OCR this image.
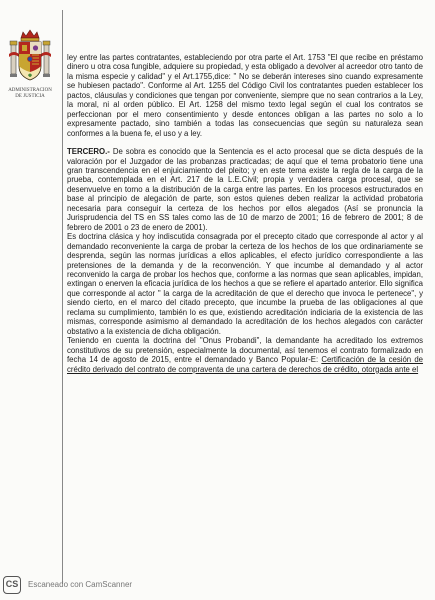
ADMINISTRACION
DE JUSTICIA

ley entre las partes contratantes, estableciendo por otra parte el Art. 1753 "El que recibe en préstamo dinero u otra cosa fungible, adquiere su propiedad, y esta obligado a devolver al acreedor otro tanto de la misma especie y calidad" y el Art.1755,dice: " No se deberán intereses sino cuando expresamente se hubiesen pactado". Conforme al Art. 1255 del Código Civil los contratantes pueden establecer los pactos, cláusulas y condiciones que tengan por conveniente, siempre que no sean contrarios a la Ley, la moral, ni al orden público. El Art. 1258 del mismo texto legal según el cual los contratos se perfeccionan por el mero consentimiento y desde entonces obligan a las partes no solo a lo expresamente pactado, sino también a todas las consecuencias que según su naturaleza sean conformes a la buena fe, el uso y a ley.

TERCERO.- De sobra es conocido que la Sentencia es el acto procesal que se dicta después de la valoración por el Juzgador de las probanzas practicadas; de aquí que el tema probatorio tiene una gran transcendencia en el enjuiciamiento del pleito; y en este tema existe la regla de la carga de la prueba, contemplada en el Art. 217 de la L.E.Civil; propia y verdadera carga procesal, que se desenvuelve en torno a la distribución de la carga entre las partes. En los procesos estructurados en base al principio de alegación de parte, son estos quienes deben realizar la actividad probatoria necesaria para conseguir la certeza de los hechos por ellos alegados (Así se pronuncia la Jurisprudencia del TS en SS tales como las de 10 de marzo de 2001; 16 de febrero de 2001; 8 de febrero de 2001 o 23 de enero de 2001).

Es doctrina clásica y hoy indiscutida consagrada por el precepto citado que corresponde al actor y al demandado reconveniente la carga de probar la certeza de los hechos de los que ordinariamente se desprenda, según las normas jurídicas a ellos aplicables, el efecto jurídico correspondiente a las pretensiones de la demanda y de la reconvención. Y que incumbe al demandado y al actor reconvenido la carga de probar los hechos que, conforme a las normas que sean aplicables, impidan, extingan o enerven la eficacia jurídica de los hechos a que se refiere el apartado anterior. Ello significa que corresponde al actor " la carga de la acreditación de que el derecho que invoca le pertenece", y siendo cierto, en el marco del citado precepto, que incumbe la prueba de las obligaciones al que reclama su cumplimiento, también lo es que, existiendo acreditación indiciaria de la existencia de las mismas, corresponde asimismo al demandado la acreditación de los hechos alegados con carácter obstativo a la existencia de dicha obligación.

Teniendo en cuenta la doctrina del "Onus Probandi", la demandante ha acreditado los extremos constitutivos de su pretensión, especialmente la documental, así tenemos el contrato formalizado en fecha 14 de agosto de 2015, entre el demandado y Banco Popular-E: Certificación de la cesión de crédito derivado del contrato de compraventa de una cartera de derechos de crédito, otorgada ante el

CS	Escaneado con CamScanner
